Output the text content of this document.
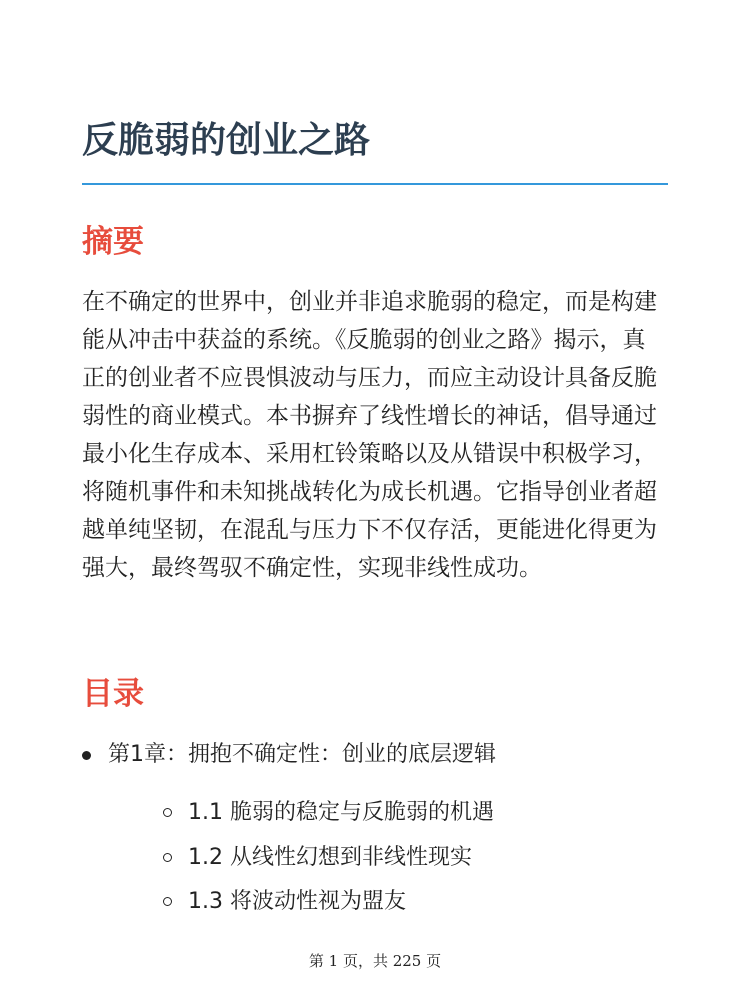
反脆弱的创业之路
摘要

在不确定的世界中，创业并非追求脆弱的稳定，而是构建能从冲击中获益的系统。《反脆弱的创业之路》揭示，真正的创业者不应畏惧波动与压力，而应主动设计具备反脆弱性的商业模式。本书摒弃了线性增长的神话，倡导通过最小化生存成本、采用杠铃策略以及从错误中积极学习，将随机事件和未知挑战转化为成长机遇。它指导创业者超越单纯坚韧，在混乱与压力下不仅存活，更能进化得更为强大，最终驾驭不确定性，实现非线性成功。

目录
第1章：拥抱不确定性：创业的底层逻辑
1.1 脆弱的稳定与反脆弱的机遇
1.2 从线性幻想到非线性现实
1.3 将波动性视为盟友
第 1 页，共 225 页
